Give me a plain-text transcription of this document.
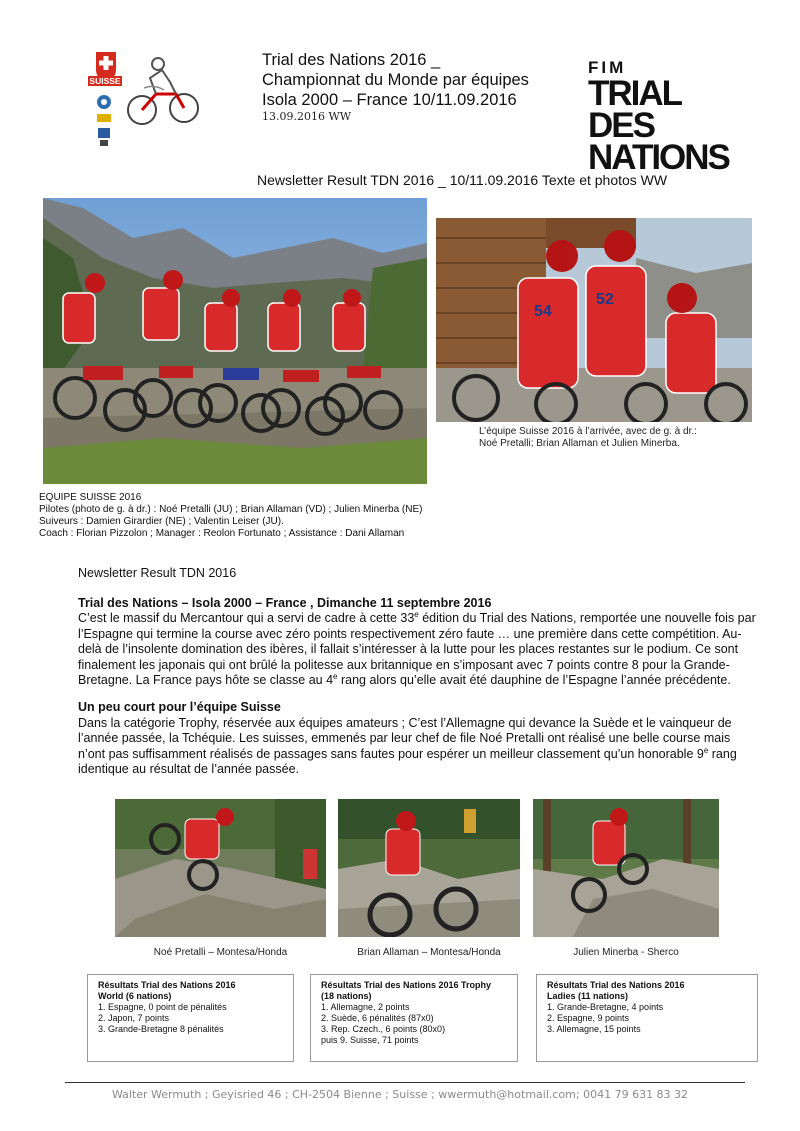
SUISSE
Trial des Nations 2016 _
Championnat du Monde par équipes
Isola 2000 – France 10/11.09.2016
13.09.2016 WW
FIM
TRIAL DES
NATIONS
Newsletter Result TDN 2016 _ 10/11.09.2016 Texte et photos WW
54
52
L’équipe Suisse 2016 à l’arrivée, avec de g. à dr.:
Noé Pretalli; Brian Allaman et Julien Minerba.
EQUIPE SUISSE 2016
Pilotes (photo de g. à dr.) : Noé Pretalli (JU) ; Brian Allaman (VD) ; Julien Minerba (NE)
Suiveurs : Damien Girardier (NE) ; Valentin Leiser (JU).
Coach : Florian Pizzolon ; Manager : Reolon Fortunato ; Assistance : Dani Allaman
Newsletter Result TDN 2016
Trial des Nations – Isola 2000 – France , Dimanche 11 septembre 2016

C’est le massif du Mercantour qui a servi de cadre à cette 33e édition du Trial des Nations, remportée une nouvelle fois par l’Espagne qui termine la course avec zéro points respectivement zéro faute … une première dans cette compétition. Au-delà de l’insolente domination des ibères, il fallait s’intéresser à la lutte pour les places restantes sur le podium. Ce sont finalement les japonais qui ont brûlé la politesse aux britannique en s’imposant avec 7 points contre 8 pour la Grande-Bretagne. La France pays hôte se classe au 4e rang alors qu’elle avait été dauphine de l’Espagne l’année précédente.

Un peu court pour l’équipe Suisse

Dans la catégorie Trophy, réservée aux équipes amateurs ; C’est l’Allemagne qui devance la Suède et le vainqueur de l’année passée, la Tchéquie. Les suisses, emmenés par leur chef de file Noé Pretalli ont réalisé une belle course mais n’ont pas suffisamment réalisés de passages sans fautes pour espérer un meilleur classement qu’un honorable 9e rang identique au résultat de l’année passée.

Noé Pretalli – Montesa/Honda	Brian Allaman – Montesa/Honda	Julien Minerba - Sherco
Résultats Trial des Nations 2016
World (6 nations)
1. Espagne, 0 point de pénalités
2. Japon, 7 points
3. Grande-Bretagne 8 pénalités
Résultats Trial des Nations 2016 Trophy
(18 nations)
1. Allemagne, 2 points
2. Suède, 6 pénalités (87x0)
3. Rep. Czech., 6 points (80x0)
puis 9. Suisse, 71 points
Résultats Trial des Nations 2016
Ladies (11 nations)
1. Grande-Bretagne, 4 points
2. Espagne, 9 points
3. Allemagne, 15 points
Walter Wermuth ; Geyisried 46 ; CH-2504 Bienne ; Suisse ; wwermuth@hotmail.com; 0041 79 631 83 32
